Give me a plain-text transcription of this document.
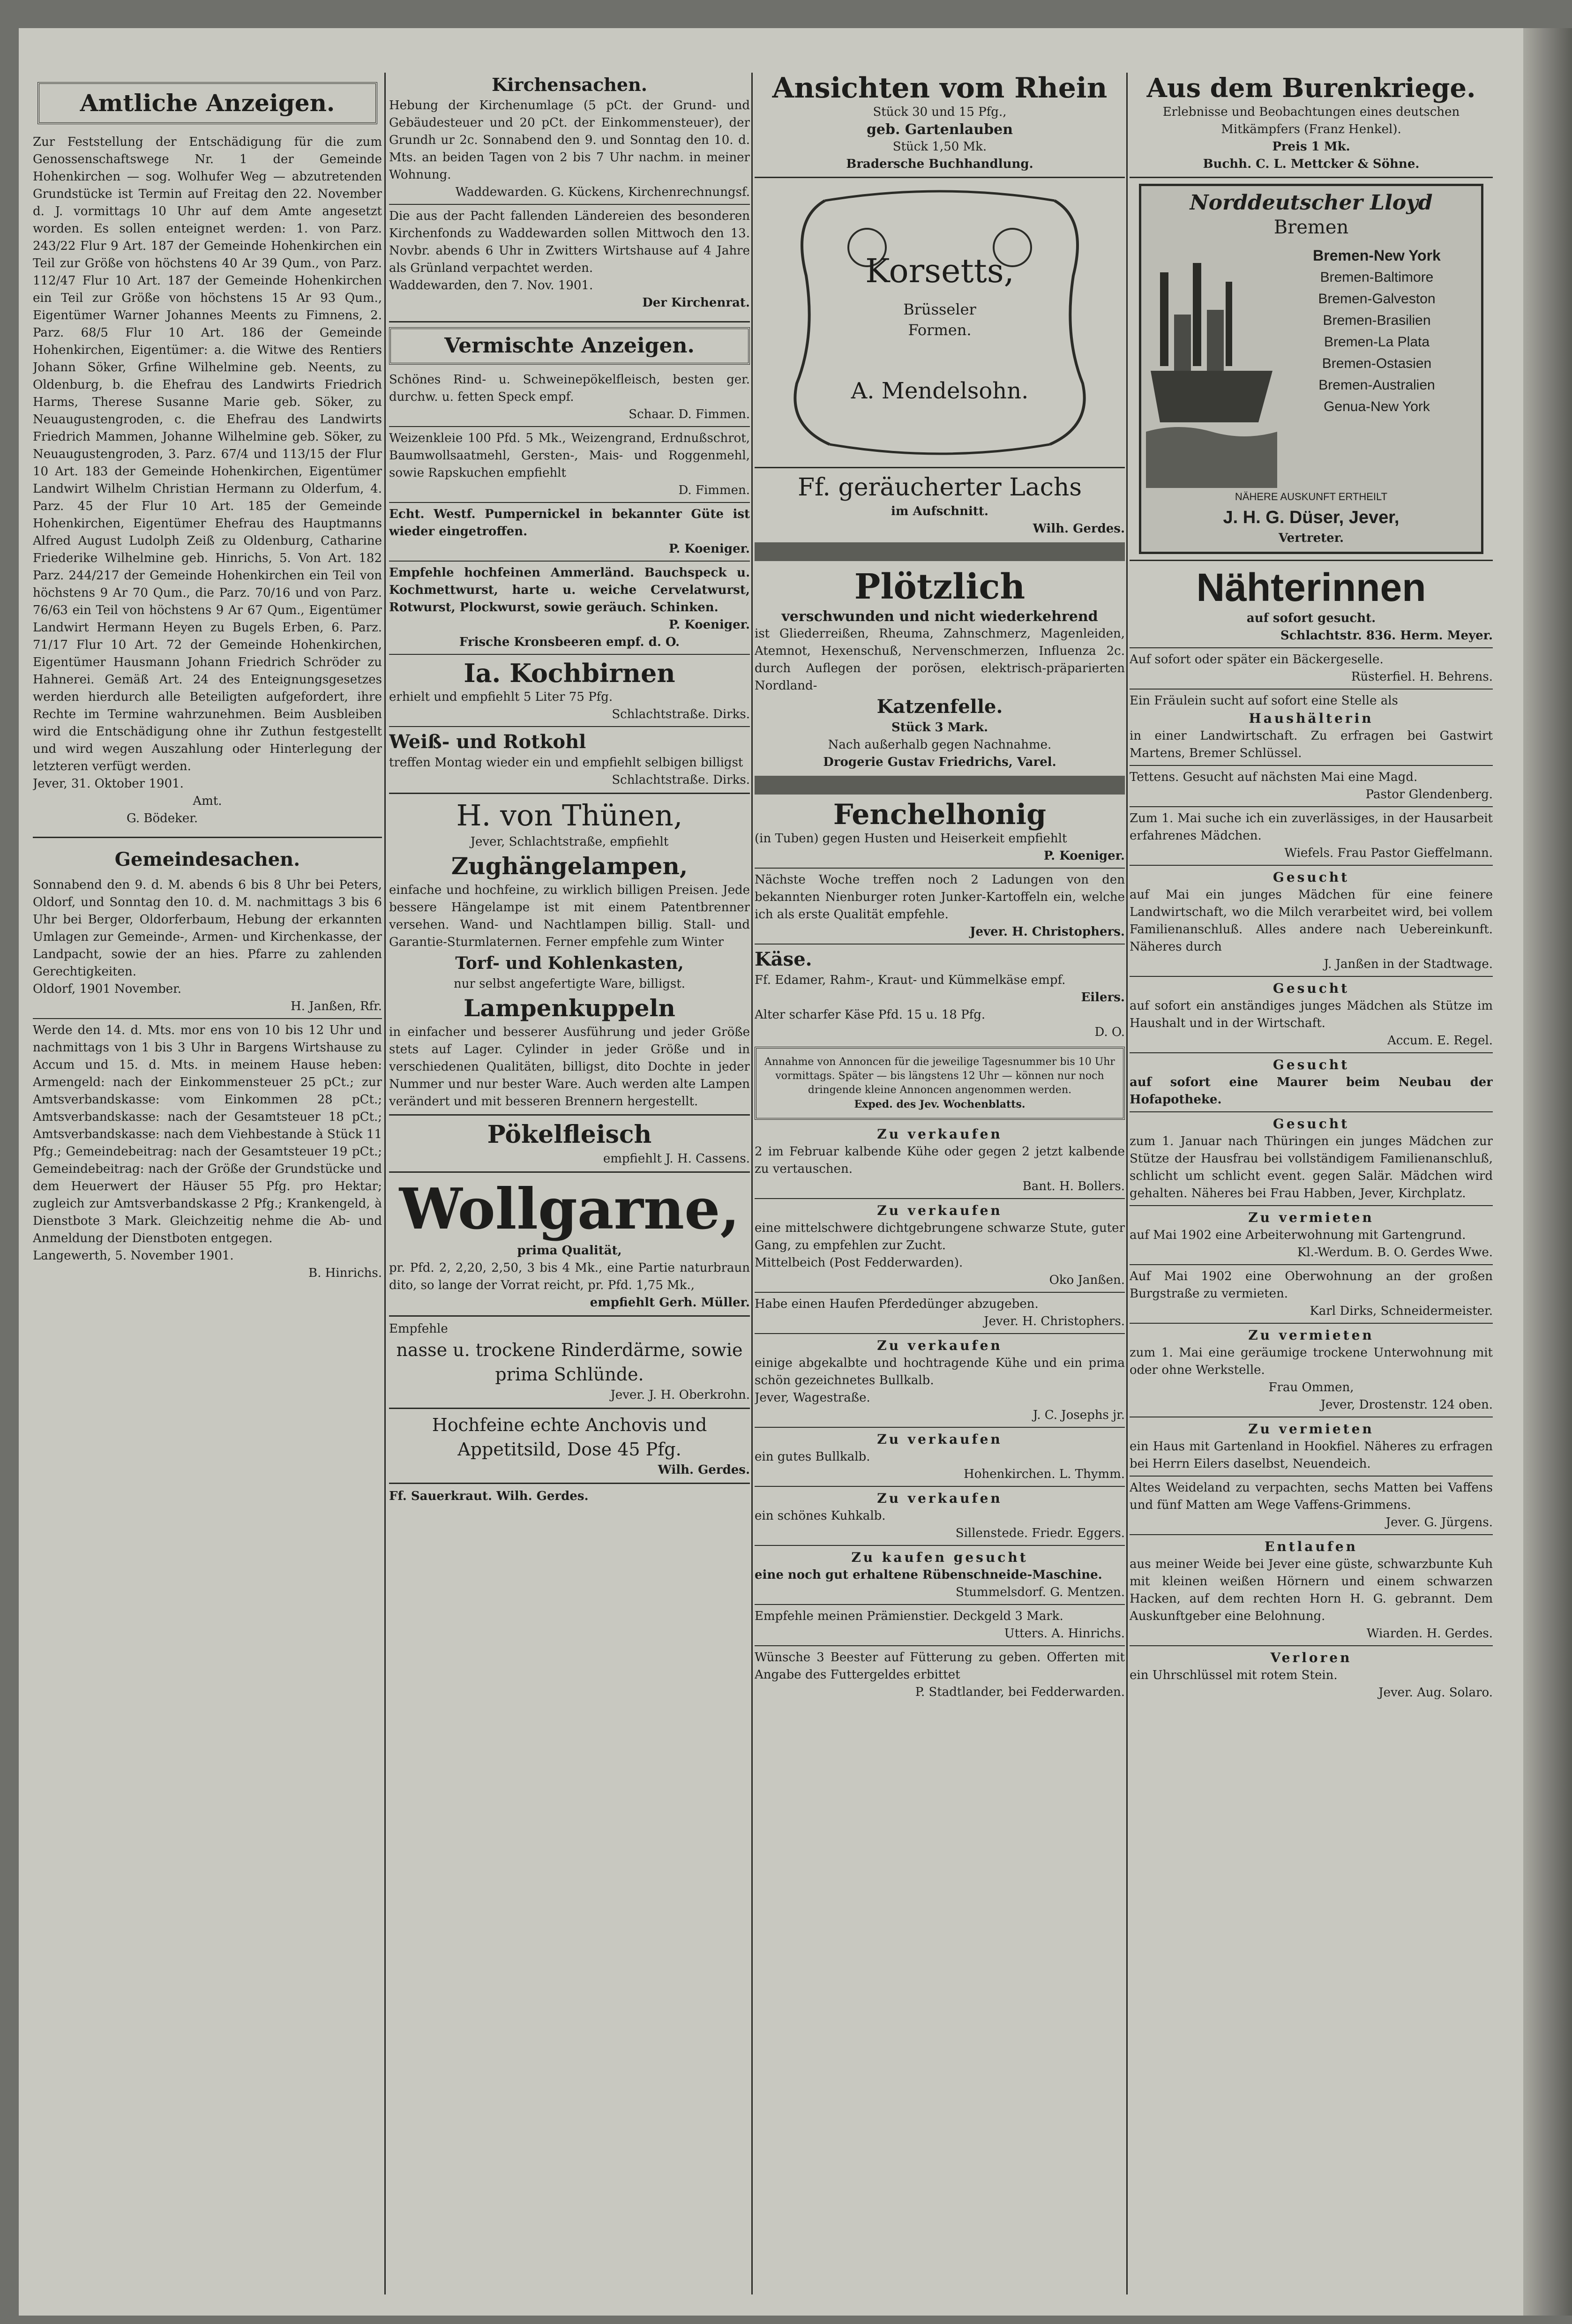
Amtliche Anzeigen.

Zur Feststellung der Entschädigung für die zum Genossenschaftswege Nr. 1 der Gemeinde Hohenkirchen — sog. Wolhufer Weg — abzutretenden Grundstücke ist Termin auf Freitag den 22. November d. J. vormittags 10 Uhr auf dem Amte angesetzt worden. Es sollen enteignet werden: 1. von Parz. 243/22 Flur 9 Art. 187 der Gemeinde Hohenkirchen ein Teil zur Größe von höchstens 40 Ar 39 Qum., von Parz. 112/47 Flur 10 Art. 187 der Gemeinde Hohenkirchen ein Teil zur Größe von höchstens 15 Ar 93 Qum., Eigentümer Warner Johannes Meents zu Fimnens, 2. Parz. 68/5 Flur 10 Art. 186 der Gemeinde Hohenkirchen, Eigentümer: a. die Witwe des Rentiers Johann Söker, Grfine Wilhelmine geb. Neents, zu Oldenburg, b. die Ehefrau des Landwirts Friedrich Harms, Therese Susanne Marie geb. Söker, zu Neuaugustengroden, c. die Ehefrau des Landwirts Friedrich Mammen, Johanne Wilhelmine geb. Söker, zu Neuaugustengroden, 3. Parz. 67/4 und 113/15 der Flur 10 Art. 183 der Gemeinde Hohenkirchen, Eigentümer Landwirt Wilhelm Christian Hermann zu Olderfum, 4. Parz. 45 der Flur 10 Art. 185 der Gemeinde Hohenkirchen, Eigentümer Ehefrau des Hauptmanns Alfred August Ludolph Zeiß zu Oldenburg, Catharine Friederike Wilhelmine geb. Hinrichs, 5. Von Art. 182 Parz. 244/217 der Gemeinde Hohenkirchen ein Teil von höchstens 9 Ar 70 Qum., die Parz. 70/16 und von Parz. 76/63 ein Teil von höchstens 9 Ar 67 Qum., Eigentümer Landwirt Hermann Heyen zu Bugels Erben, 6. Parz. 71/17 Flur 10 Art. 72 der Gemeinde Hohenkirchen, Eigentümer Hausmann Johann Friedrich Schröder zu Hahnerei. Gemäß Art. 24 des Enteignungsgesetzes werden hierdurch alle Beteiligten aufgefordert, ihre Rechte im Termine wahrzunehmen. Beim Ausbleiben wird die Entschädigung ohne ihr Zuthun festgestellt und wird wegen Auszahlung oder Hinterlegung der letzteren verfügt werden.

Jever, 31. Oktober 1901.

Amt.

G. Bödeker.

Gemeindesachen.

Sonnabend den 9. d. M. abends 6 bis 8 Uhr bei Peters, Oldorf, und Sonntag den 10. d. M. nachmittags 3 bis 6 Uhr bei Berger, Oldorferbaum, Hebung der erkannten Umlagen zur Gemeinde-, Armen- und Kirchenkasse, der Landpacht, sowie der an hies. Pfarre zu zahlenden Gerechtigkeiten.

Oldorf, 1901 November.

H. Janßen, Rfr.

Werde den 14. d. Mts. mor ens von 10 bis 12 Uhr und nachmittags von 1 bis 3 Uhr in Bargens Wirtshause zu Accum und 15. d. Mts. in meinem Hause heben: Armengeld: nach der Einkommensteuer 25 pCt.; zur Amtsverbandskasse: vom Einkommen 28 pCt.; Amtsverbandskasse: nach der Gesamtsteuer 18 pCt.; Amtsverbandskasse: nach dem Viehbestande à Stück 11 Pfg.; Gemeindebeitrag: nach der Gesamtsteuer 19 pCt.; Gemeindebeitrag: nach der Größe der Grundstücke und dem Heuerwert der Häuser 55 Pfg. pro Hektar; zugleich zur Amtsverbandskasse 2 Pfg.; Krankengeld, à Dienstbote 3 Mark. Gleichzeitig nehme die Ab- und Anmeldung der Dienstboten entgegen.

Langewerth, 5. November 1901.

B. Hinrichs.

Kirchensachen.

Hebung der Kirchenumlage (5 pCt. der Grund- und Gebäudesteuer und 20 pCt. der Einkommensteuer), der Grundh ur 2c. Sonnabend den 9. und Sonntag den 10. d. Mts. an beiden Tagen von 2 bis 7 Uhr nachm. in meiner Wohnung.

Waddewarden. G. Kückens, Kirchenrechnungsf.

Die aus der Pacht fallenden Ländereien des besonderen Kirchenfonds zu Waddewarden sollen Mittwoch den 13. Novbr. abends 6 Uhr in Zwitters Wirtshause auf 4 Jahre als Grünland verpachtet werden.

Waddewarden, den 7. Nov. 1901.

Der Kirchenrat.

Vermischte Anzeigen.

Schönes Rind- u. Schweinepökelfleisch, besten ger. durchw. u. fetten Speck empf.

Schaar. D. Fimmen.

Weizenkleie 100 Pfd. 5 Mk., Weizengrand, Erdnußschrot, Baumwollsaatmehl, Gersten-, Mais- und Roggenmehl, sowie Rapskuchen empfiehlt

D. Fimmen.

Echt. Westf. Pumpernickel in bekannter Güte ist wieder eingetroffen.

P. Koeniger.

Empfehle hochfeinen Ammerländ. Bauchspeck u. Kochmettwurst, harte u. weiche Cervelatwurst, Rotwurst, Plockwurst, sowie geräuch. Schinken.

P. Koeniger.

Frische Kronsbeeren empf. d. O.

Ia. Kochbirnen

erhielt und empfiehlt 5 Liter 75 Pfg.

Schlachtstraße. Dirks.

Weiß- und Rotkohl

treffen Montag wieder ein und empfiehlt selbigen billigst

Schlachtstraße. Dirks.

H. von Thünen,

Jever, Schlachtstraße, empfiehlt

Zughängelampen,

einfache und hochfeine, zu wirklich billigen Preisen. Jede bessere Hängelampe ist mit einem Patentbrenner versehen. Wand- und Nachtlampen billig. Stall- und Garantie-Sturmlaternen. Ferner empfehle zum Winter

Torf- und Kohlenkasten,

nur selbst angefertigte Ware, billigst.

Lampenkuppeln

in einfacher und besserer Ausführung und jeder Größe stets auf Lager. Cylinder in jeder Größe und in verschiedenen Qualitäten, billigst, dito Dochte in jeder Nummer und nur bester Ware. Auch werden alte Lampen verändert und mit besseren Brennern hergestellt.

Pökelfleisch

empfiehlt J. H. Cassens.

Wollgarne,

prima Qualität,

pr. Pfd. 2, 2,20, 2,50, 3 bis 4 Mk., eine Partie naturbraun dito, so lange der Vorrat reicht, pr. Pfd. 1,75 Mk.,

empfiehlt Gerh. Müller.

Empfehle

nasse u. trockene Rinderdärme, sowie prima Schlünde.

Jever. J. H. Oberkrohn.

Hochfeine echte Anchovis und Appetitsild, Dose 45 Pfg.

Wilh. Gerdes.

Ff. Sauerkraut. Wilh. Gerdes.

Ansichten vom Rhein

Stück 30 und 15 Pfg.,

geb. Gartenlauben

Stück 1,50 Mk.

Bradersche Buchhandlung.

Korsetts,

Brüsseler Formen.

A. Mendelsohn.

Ff. geräucherter Lachs

im Aufschnitt.

Wilh. Gerdes.

Plötzlich

verschwunden und nicht wiederkehrend

ist Gliederreißen, Rheuma, Zahnschmerz, Magenleiden, Atemnot, Hexenschuß, Nervenschmerzen, Influenza 2c. durch Auflegen der porösen, elektrisch-präparierten Nordland-

Katzenfelle.

Stück 3 Mark.

Nach außerhalb gegen Nachnahme.

Drogerie Gustav Friedrichs, Varel.

Fenchelhonig

(in Tuben) gegen Husten und Heiserkeit empfiehlt

P. Koeniger.

Nächste Woche treffen noch 2 Ladungen von den bekannten Nienburger roten Junker-Kartoffeln ein, welche ich als erste Qualität empfehle.

Jever. H. Christophers.

Käse.

Ff. Edamer, Rahm-, Kraut- und Kümmelkäse empf.

Eilers.

Alter scharfer Käse Pfd. 15 u. 18 Pfg.

D. O.

Annahme von Annoncen für die jeweilige Tagesnummer bis 10 Uhr vormittags. Später — bis längstens 12 Uhr — können nur noch dringende kleine Annoncen angenommen werden.

Exped. des Jev. Wochenblatts.

Zu verkaufen

2 im Februar kalbende Kühe oder gegen 2 jetzt kalbende zu vertauschen.

Bant. H. Bollers.

Zu verkaufen

eine mittelschwere dichtgebrungene schwarze Stute, guter Gang, zu empfehlen zur Zucht.

Mittelbeich (Post Fedderwarden).

Oko Janßen.

Habe einen Haufen Pferdedünger abzugeben.

Jever. H. Christophers.

Zu verkaufen

einige abgekalbte und hochtragende Kühe und ein prima schön gezeichnetes Bullkalb.

Jever, Wagestraße.

J. C. Josephs jr.

Zu verkaufen

ein gutes Bullkalb.

Hohenkirchen. L. Thymm.

Zu verkaufen

ein schönes Kuhkalb.

Sillenstede. Friedr. Eggers.

Zu kaufen gesucht

eine noch gut erhaltene Rübenschneide-Maschine.

Stummelsdorf. G. Mentzen.

Empfehle meinen Prämienstier. Deckgeld 3 Mark.

Utters. A. Hinrichs.

Wünsche 3 Beester auf Fütterung zu geben. Offerten mit Angabe des Futtergeldes erbittet

P. Stadtlander, bei Fedderwarden.

Aus dem Burenkriege.

Erlebnisse und Beobachtungen eines deutschen Mitkämpfers (Franz Henkel).

Preis 1 Mk.

Buchh. C. L. Mettcker & Söhne.

Norddeutscher Lloyd

Bremen

Bremen-New York
Bremen-Baltimore
Bremen-Galveston
Bremen-Brasilien
Bremen-La Plata
Bremen-Ostasien
Bremen-Australien
Genua-New York

NÄHERE AUSKUNFT ERTHEILT

J. H. G. Düser, Jever,

Vertreter.

Nähterinnen

auf sofort gesucht.

Schlachtstr. 836. Herm. Meyer.

Auf sofort oder später ein Bäckergeselle.

Rüsterfiel. H. Behrens.

Ein Fräulein sucht auf sofort eine Stelle als

Haushälterin

in einer Landwirtschaft. Zu erfragen bei Gastwirt Martens, Bremer Schlüssel.

Tettens. Gesucht auf nächsten Mai eine Magd.

Pastor Glendenberg.

Zum 1. Mai suche ich ein zuverlässiges, in der Hausarbeit erfahrenes Mädchen.

Wiefels. Frau Pastor Gieffelmann.

Gesucht

auf Mai ein junges Mädchen für eine feinere Landwirtschaft, wo die Milch verarbeitet wird, bei vollem Familienanschluß. Alles andere nach Uebereinkunft. Näheres durch

J. Janßen in der Stadtwage.

Gesucht

auf sofort ein anständiges junges Mädchen als Stütze im Haushalt und in der Wirtschaft.

Accum. E. Regel.

Gesucht

auf sofort eine Maurer beim Neubau der Hofapotheke.

Gesucht

zum 1. Januar nach Thüringen ein junges Mädchen zur Stütze der Hausfrau bei vollständigem Familienanschluß, schlicht um schlicht event. gegen Salär. Mädchen wird gehalten. Näheres bei Frau Habben, Jever, Kirchplatz.

Zu vermieten

auf Mai 1902 eine Arbeiterwohnung mit Gartengrund.

Kl.-Werdum. B. O. Gerdes Wwe.

Auf Mai 1902 eine Oberwohnung an der großen Burgstraße zu vermieten.

Karl Dirks, Schneidermeister.

Zu vermieten

zum 1. Mai eine geräumige trockene Unterwohnung mit oder ohne Werkstelle.

Frau Ommen,

Jever, Drostenstr. 124 oben.

Zu vermieten

ein Haus mit Gartenland in Hookfiel. Näheres zu erfragen bei Herrn Eilers daselbst, Neuendeich.

Altes Weideland zu verpachten, sechs Matten bei Vaffens und fünf Matten am Wege Vaffens-Grimmens.

Jever. G. Jürgens.

Entlaufen

aus meiner Weide bei Jever eine güste, schwarzbunte Kuh mit kleinen weißen Hörnern und einem schwarzen Hacken, auf dem rechten Horn H. G. gebrannt. Dem Auskunftgeber eine Belohnung.

Wiarden. H. Gerdes.

Verloren

ein Uhrschlüssel mit rotem Stein.

Jever. Aug. Solaro.
